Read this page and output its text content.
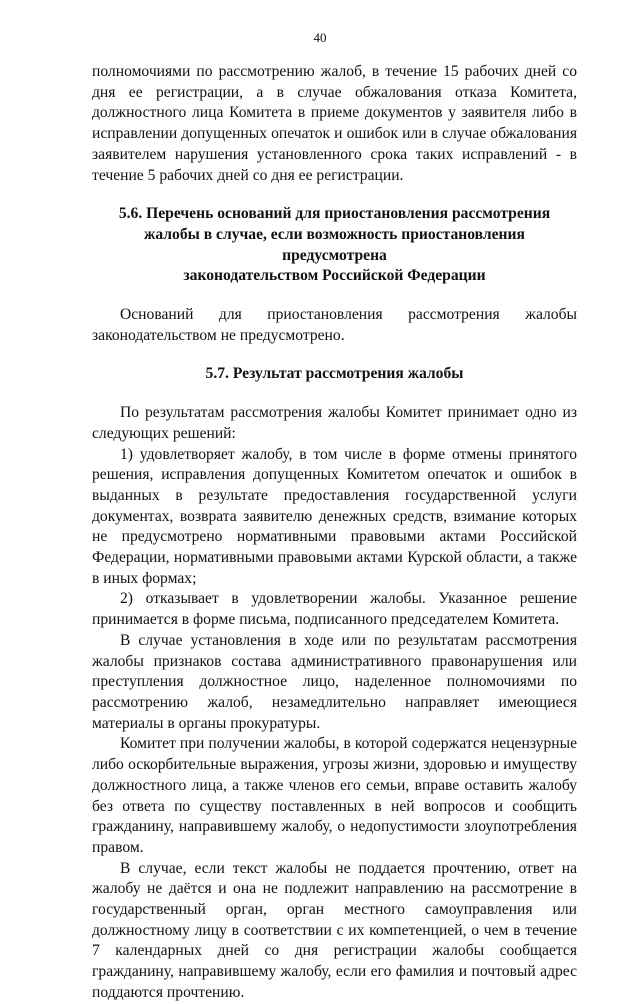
40

полномочиями по рассмотрению жалоб, в течение 15 рабочих дней со дня ее регистрации, а в случае обжалования отказа Комитета, должностного лица Комитета в приеме документов у заявителя либо в исправлении допущенных опечаток и ошибок или в случае обжалования заявителем нарушения установленного срока таких исправлений - в течение 5 рабочих дней со дня ее регистрации.

5.6. Перечень оснований для приостановления рассмотрения

жалобы в случае, если возможность приостановления предусмотрена

законодательством Российской Федерации

Оснований для приостановления рассмотрения жалобы законодательством не предусмотрено.

5.7. Результат рассмотрения жалобы

По результатам рассмотрения жалобы Комитет принимает одно из следующих решений:

1) удовлетворяет жалобу, в том числе в форме отмены принятого решения, исправления допущенных Комитетом опечаток и ошибок в выданных в результате предоставления государственной услуги документах, возврата заявителю денежных средств, взимание которых не предусмотрено нормативными правовыми актами Российской Федерации, нормативными правовыми актами Курской области, а также в иных формах;

2) отказывает в удовлетворении жалобы. Указанное решение принимается в форме письма, подписанного председателем Комитета.

В случае установления в ходе или по результатам рассмотрения жалобы признаков состава административного правонарушения или преступления должностное лицо, наделенное полномочиями по рассмотрению жалоб, незамедлительно направляет имеющиеся материалы в органы прокуратуры.

Комитет при получении жалобы, в которой содержатся нецензурные либо оскорбительные выражения, угрозы жизни, здоровью и имуществу должностного лица, а также членов его семьи, вправе оставить жалобу без ответа по существу поставленных в ней вопросов и сообщить гражданину, направившему жалобу, о недопустимости злоупотребления правом.

В случае, если текст жалобы не поддается прочтению, ответ на жалобу не даётся и она не подлежит направлению на рассмотрение в государственный орган, орган местного самоуправления или должностному лицу в соответствии с их компетенцией, о чем в течение 7 календарных дней со дня регистрации жалобы сообщается гражданину, направившему жалобу, если его фамилия и почтовый адрес поддаются прочтению.
